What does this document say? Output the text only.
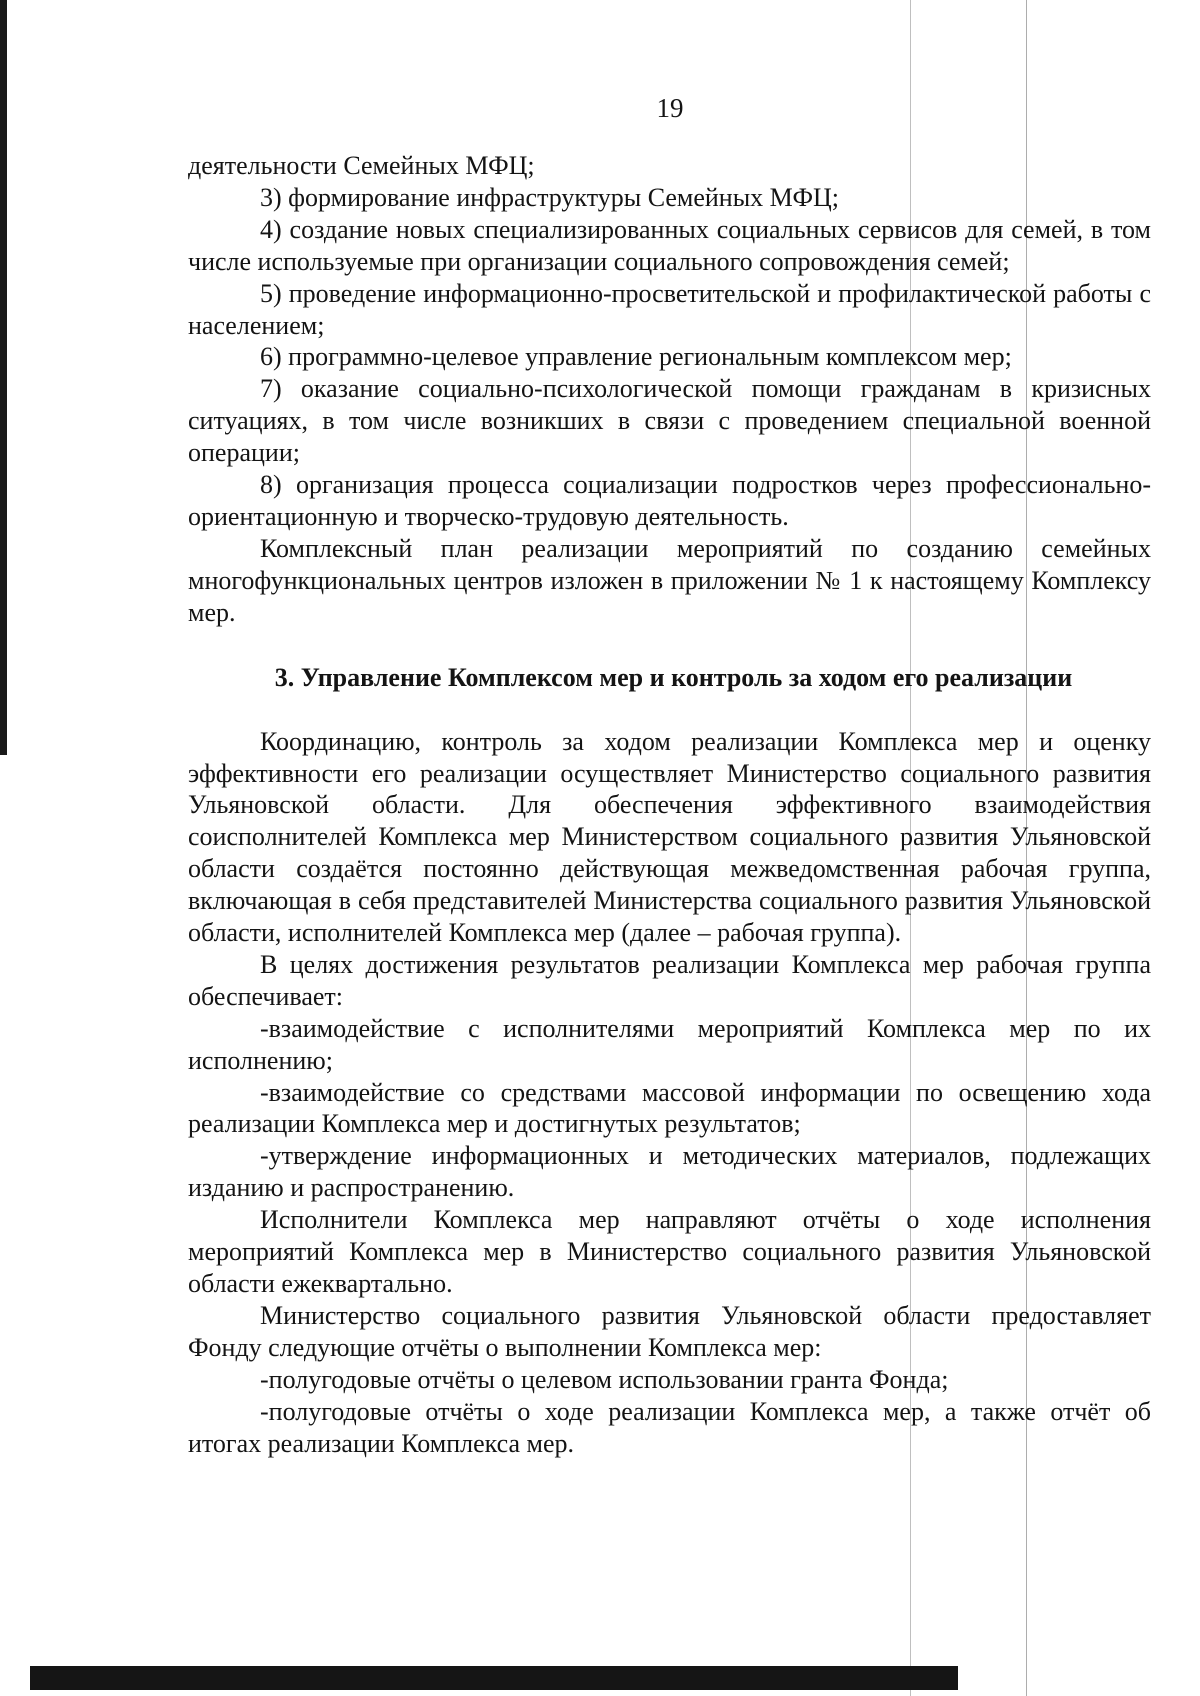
19

деятельности Семейных МФЦ;

3) формирование инфраструктуры Семейных МФЦ;

4) создание новых специализированных социальных сервисов для семей, в том числе используемые при организации социального сопровождения семей;

5) проведение информационно-просветительской и профилактической работы с населением;

6) программно-целевое управление региональным комплексом мер;

7) оказание социально-психологической помощи гражданам в кризисных ситуациях, в том числе возникших в связи с проведением специальной военной операции;

8) организация процесса социализации подростков через профессионально-ориентационную и творческо-трудовую деятельность.

Комплексный план реализации мероприятий по созданию семейных многофункциональных центров изложен в приложении № 1 к настоящему Комплексу мер.

3. Управление Комплексом мер и контроль за ходом его реализации

Координацию, контроль за ходом реализации Комплекса мер и оценку эффективности его реализации осуществляет Министерство социального развития Ульяновской области. Для обеспечения эффективного взаимодействия соисполнителей Комплекса мер Министерством социального развития Ульяновской области создаётся постоянно действующая межведомственная рабочая группа, включающая в себя представителей Министерства социального развития Ульяновской области, исполнителей Комплекса мер (далее – рабочая группа).

В целях достижения результатов реализации Комплекса мер рабочая группа обеспечивает:

-взаимодействие с исполнителями мероприятий Комплекса мер по их исполнению;

-взаимодействие со средствами массовой информации по освещению хода реализации Комплекса мер и достигнутых результатов;

-утверждение информационных и методических материалов, подлежащих изданию и распространению.

Исполнители Комплекса мер направляют отчёты о ходе исполнения мероприятий Комплекса мер в Министерство социального развития Ульяновской области ежеквартально.

Министерство социального развития Ульяновской области предоставляет Фонду следующие отчёты о выполнении Комплекса мер:

-полугодовые отчёты о целевом использовании гранта Фонда;

-полугодовые отчёты о ходе реализации Комплекса мер, а также отчёт об итогах реализации Комплекса мер.
